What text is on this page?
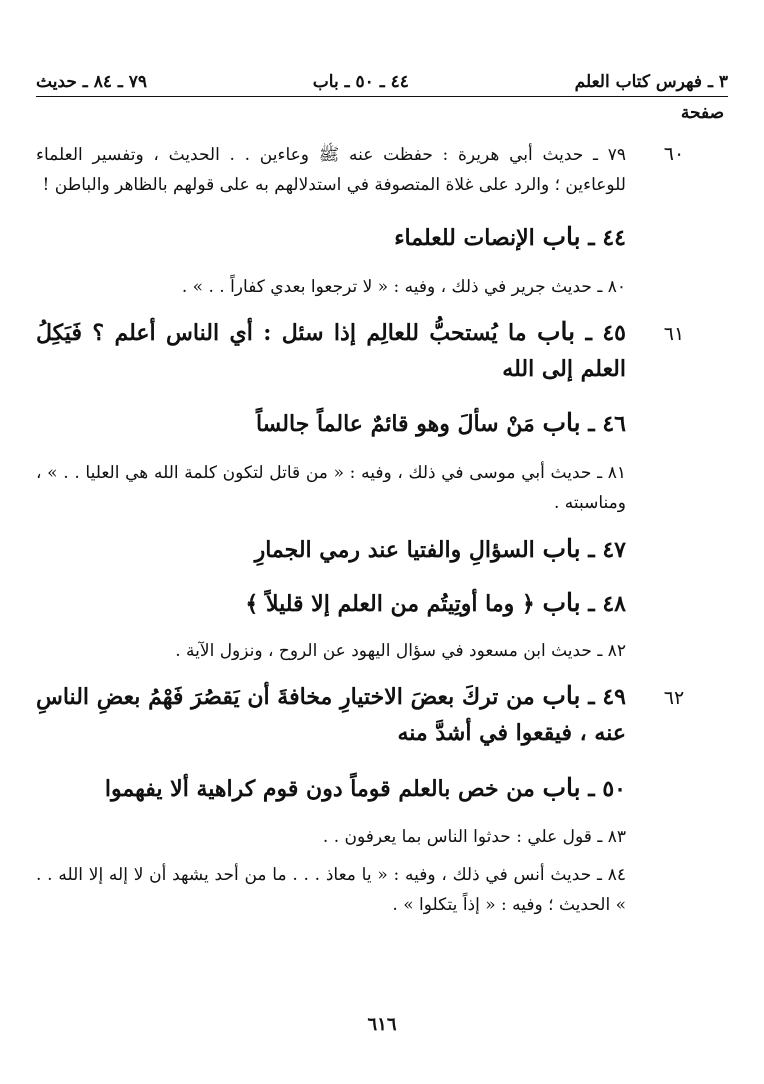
٧٩ ـ ٨٤ ـ حديث	٤٤ ـ ٥٠ ـ باب	٣ ـ فهرس كتاب العلم
صفحة
٦٠
٧٩ ـ حديث أبي هريرة : حفظت عنه ﷺ وعاءين . . الحديث ، وتفسير العلماء للوعاءين ؛ والرد على غلاة المتصوفة في استدلالهم به على قولهم بالظاهر والباطن !
٤٤ ـ باب الإنصات للعلماء
٨٠ ـ حديث جرير في ذلك ، وفيه : « لا ترجعوا بعدي كفاراً . . » .
٦١
٤٥ ـ باب ما يُستحبُّ للعالِم إذا سئل : أي الناس أعلم ؟ فَيَكِلُ العلم إلى الله
٤٦ ـ باب مَنْ سألَ وهو قائمٌ عالماً جالساً
٨١ ـ حديث أبي موسى في ذلك ، وفيه : « من قاتل لتكون كلمة الله هي العليا . . » ، ومناسبته .
٤٧ ـ باب السؤالِ والفتيا عند رمي الجمارِ
٤٨ ـ باب ﴿ وما أوتِيتُم من العلم إلا قليلاً ﴾
٨٢ ـ حديث ابن مسعود في سؤال اليهود عن الروح ، ونزول الآية .
٦٢
٤٩ ـ باب من تركَ بعضَ الاختيارِ مخافةَ أن يَقصُرَ فَهْمُ بعضِ الناسِ عنه ، فيقعوا في أشدَّ منه
٥٠ ـ باب من خص بالعلم قوماً دون قوم كراهية ألا يفهموا
٨٣ ـ قول علي : حدثوا الناس بما يعرفون . .
٨٤ ـ حديث أنس في ذلك ، وفيه : « يا معاذ . . . ما من أحد يشهد أن لا إله إلا الله . . » الحديث ؛ وفيه : « إذاً يتكلوا » .
٦١٦
